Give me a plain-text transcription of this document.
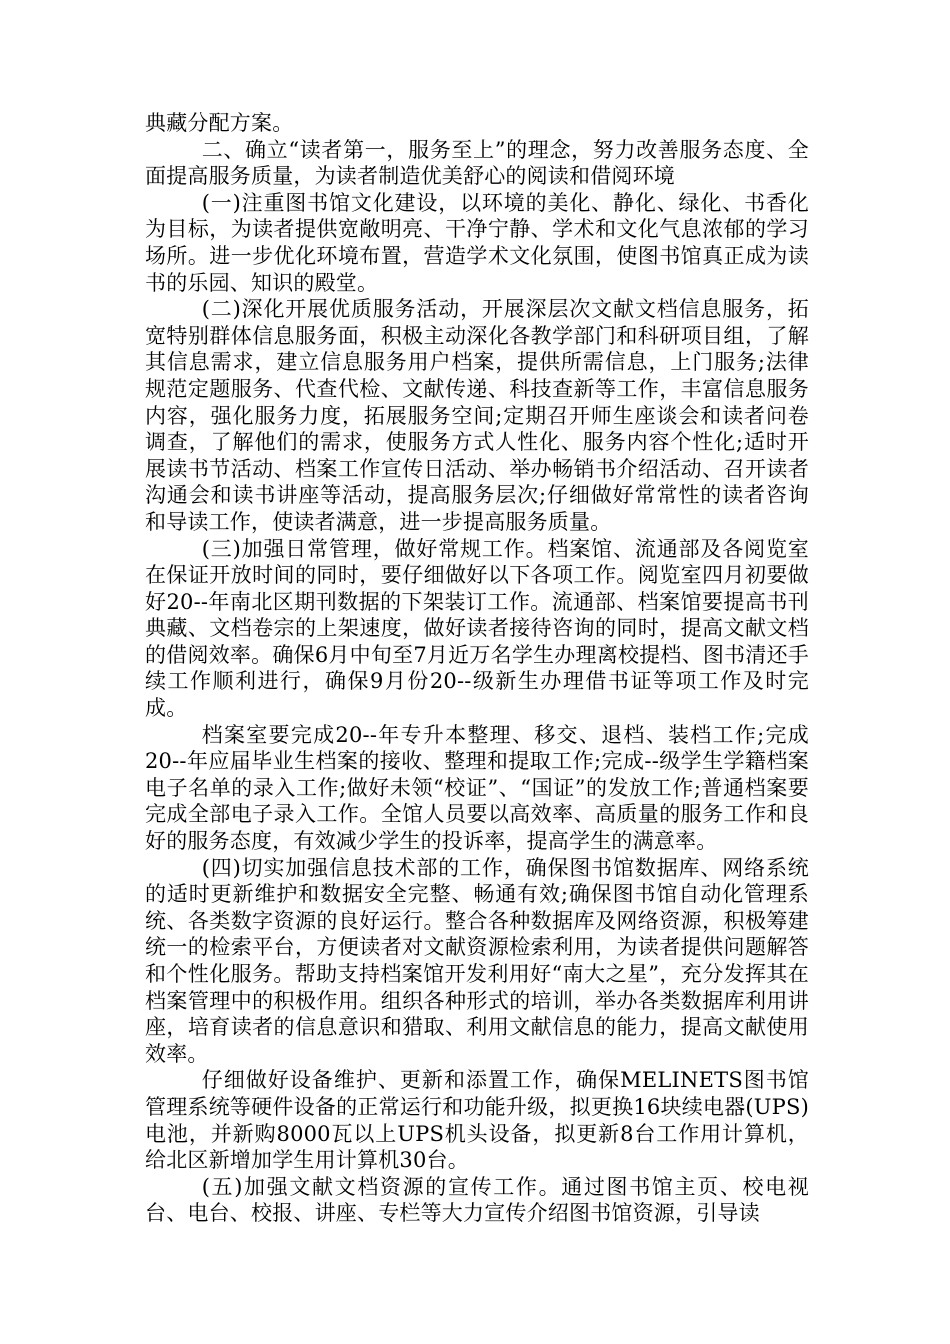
典藏分配方案。

二、确立“读者第一，服务至上”的理念，努力改善服务态度、全面提高服务质量，为读者制造优美舒心的阅读和借阅环境

(一)注重图书馆文化建设，以环境的美化、静化、绿化、书香化为目标，为读者提供宽敞明亮、干净宁静、学术和文化气息浓郁的学习场所。进一步优化环境布置，营造学术文化氛围，使图书馆真正成为读书的乐园、知识的殿堂。

(二)深化开展优质服务活动，开展深层次文献文档信息服务，拓宽特别群体信息服务面，积极主动深化各教学部门和科研项目组，了解其信息需求，建立信息服务用户档案，提供所需信息，上门服务;法律规范定题服务、代查代检、文献传递、科技查新等工作，丰富信息服务内容，强化服务力度，拓展服务空间;定期召开师生座谈会和读者问卷调查，了解他们的需求，使服务方式人性化、服务内容个性化;适时开展读书节活动、档案工作宣传日活动、举办畅销书介绍活动、召开读者沟通会和读书讲座等活动，提高服务层次;仔细做好常常性的读者咨询和导读工作，使读者满意，进一步提高服务质量。

(三)加强日常管理，做好常规工作。档案馆、流通部及各阅览室在保证开放时间的同时，要仔细做好以下各项工作。阅览室四月初要做好20--年南北区期刊数据的下架装订工作。流通部、档案馆要提高书刊典藏、文档卷宗的上架速度，做好读者接待咨询的同时，提高文献文档的借阅效率。确保6月中旬至7月近万名学生办理离校提档、图书清还手续工作顺利进行，确保9月份20--级新生办理借书证等项工作及时完成。

档案室要完成20--年专升本整理、移交、退档、装档工作;完成20--年应届毕业生档案的接收、整理和提取工作;完成--级学生学籍档案电子名单的录入工作;做好未领“校证”、“国证”的发放工作;普通档案要完成全部电子录入工作。全馆人员要以高效率、高质量的服务工作和良好的服务态度，有效减少学生的投诉率，提高学生的满意率。

(四)切实加强信息技术部的工作，确保图书馆数据库、网络系统的适时更新维护和数据安全完整、畅通有效;确保图书馆自动化管理系统、各类数字资源的良好运行。整合各种数据库及网络资源，积极筹建统一的检索平台，方便读者对文献资源检索利用，为读者提供问题解答和个性化服务。帮助支持档案馆开发利用好“南大之星”，充分发挥其在档案管理中的积极作用。组织各种形式的培训，举办各类数据库利用讲座，培育读者的信息意识和猎取、利用文献信息的能力，提高文献使用效率。

仔细做好设备维护、更新和添置工作，确保MELINETS图书馆管理系统等硬件设备的正常运行和功能升级，拟更换16块续电器(UPS)电池，并新购8000瓦以上UPS机头设备，拟更新8台工作用计算机，给北区新增加学生用计算机30台。

(五)加强文献文档资源的宣传工作。通过图书馆主页、校电视台、电台、校报、讲座、专栏等大力宣传介绍图书馆资源，引导读
